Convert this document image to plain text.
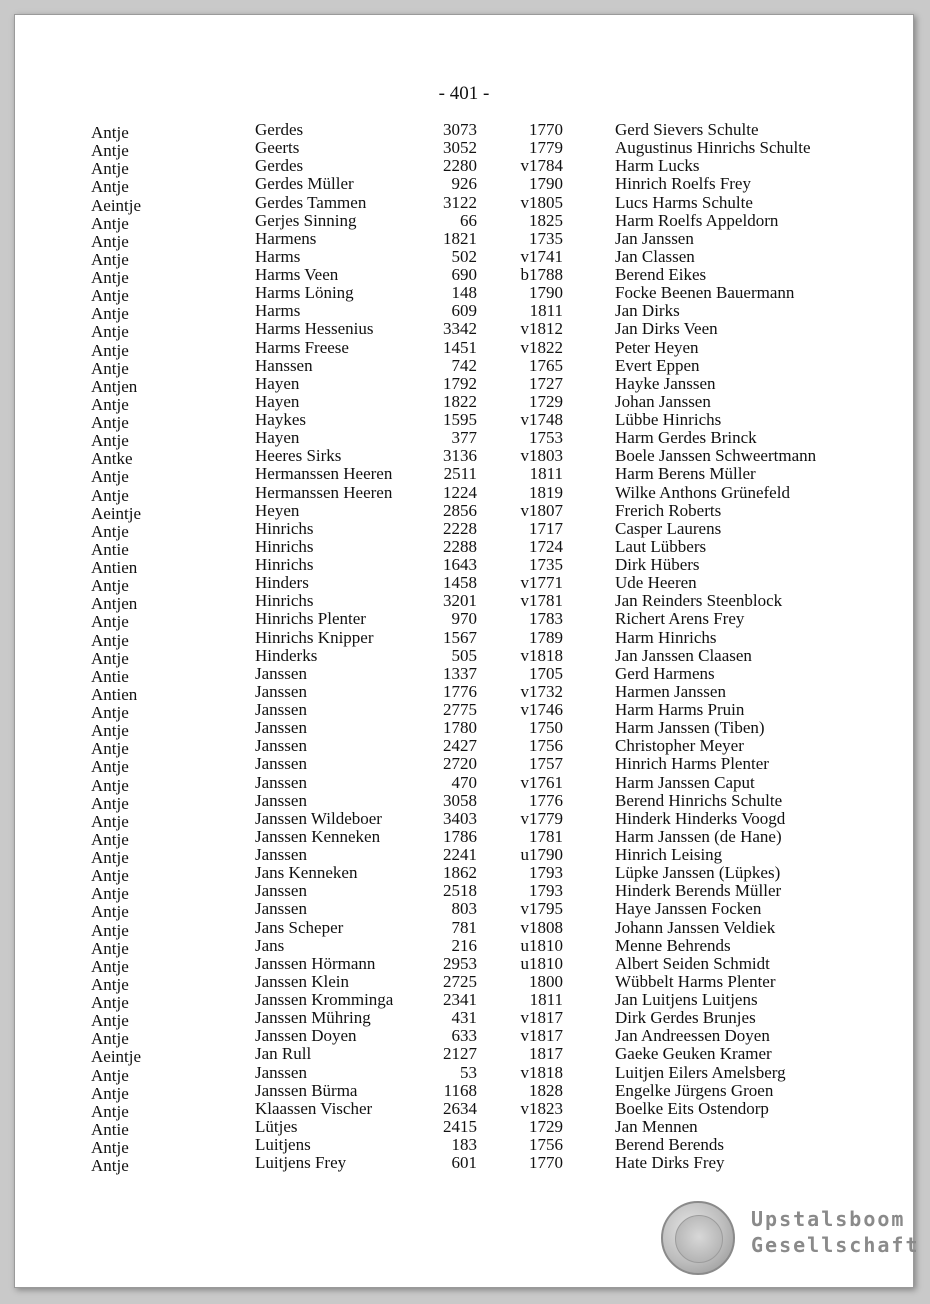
- 401 -
Antje	Gerdes	3073	1770	Gerd Sievers Schulte
Antje	Geerts	3052	1779	Augustinus Hinrichs Schulte
Antje	Gerdes	2280	v1784	Harm Lucks
Antje	Gerdes Müller	926	1790	Hinrich Roelfs Frey
Aeintje	Gerdes Tammen	3122	v1805	Lucs Harms Schulte
Antje	Gerjes Sinning	66	1825	Harm Roelfs Appeldorn
Antje	Harmens	1821	1735	Jan Janssen
Antje	Harms	502	v1741	Jan Classen
Antje	Harms Veen	690	b1788	Berend Eikes
Antje	Harms Löning	148	1790	Focke Beenen Bauermann
Antje	Harms	609	1811	Jan Dirks
Antje	Harms Hessenius	3342	v1812	Jan Dirks Veen
Antje	Harms Freese	1451	v1822	Peter Heyen
Antje	Hanssen	742	1765	Evert Eppen
Antjen	Hayen	1792	1727	Hayke Janssen
Antje	Hayen	1822	1729	Johan Janssen
Antje	Haykes	1595	v1748	Lübbe Hinrichs
Antje	Hayen	377	1753	Harm Gerdes Brinck
Antke	Heeres Sirks	3136	v1803	Boele Janssen Schweertmann
Antje	Hermanssen Heeren	2511	1811	Harm Berens Müller
Antje	Hermanssen Heeren	1224	1819	Wilke Anthons Grünefeld
Aeintje	Heyen	2856	v1807	Frerich Roberts
Antje	Hinrichs	2228	1717	Casper Laurens
Antie	Hinrichs	2288	1724	Laut Lübbers
Antien	Hinrichs	1643	1735	Dirk Hübers
Antje	Hinders	1458	v1771	Ude Heeren
Antjen	Hinrichs	3201	v1781	Jan Reinders Steenblock
Antje	Hinrichs Plenter	970	1783	Richert Arens Frey
Antje	Hinrichs Knipper	1567	1789	Harm Hinrichs
Antje	Hinderks	505	v1818	Jan Janssen Claasen
Antie	Janssen	1337	1705	Gerd Harmens
Antien	Janssen	1776	v1732	Harmen Janssen
Antje	Janssen	2775	v1746	Harm Harms Pruin
Antje	Janssen	1780	1750	Harm Janssen (Tiben)
Antje	Janssen	2427	1756	Christopher Meyer
Antje	Janssen	2720	1757	Hinrich Harms Plenter
Antje	Janssen	470	v1761	Harm Janssen Caput
Antje	Janssen	3058	1776	Berend Hinrichs Schulte
Antje	Janssen Wildeboer	3403	v1779	Hinderk Hinderks Voogd
Antje	Janssen Kenneken	1786	1781	Harm Janssen (de Hane)
Antje	Janssen	2241	u1790	Hinrich Leising
Antje	Jans Kenneken	1862	1793	Lüpke Janssen (Lüpkes)
Antje	Janssen	2518	1793	Hinderk Berends Müller
Antje	Janssen	803	v1795	Haye Janssen Focken
Antje	Jans Scheper	781	v1808	Johann Janssen Veldiek
Antje	Jans	216	u1810	Menne Behrends
Antje	Janssen Hörmann	2953	u1810	Albert Seiden Schmidt
Antje	Janssen Klein	2725	1800	Wübbelt Harms Plenter
Antje	Janssen Kromminga	2341	1811	Jan Luitjens Luitjens
Antje	Janssen Mühring	431	v1817	Dirk Gerdes Brunjes
Antje	Janssen Doyen	633	v1817	Jan Andreessen Doyen
Aeintje	Jan Rull	2127	1817	Gaeke Geuken Kramer
Antje	Janssen	53	v1818	Luitjen Eilers Amelsberg
Antje	Janssen Bürma	1168	1828	Engelke Jürgens Groen
Antje	Klaassen Vischer	2634	v1823	Boelke Eits Ostendorp
Antie	Lütjes	2415	1729	Jan Mennen
Antje	Luitjens	183	1756	Berend Berends
Antje	Luitjens Frey	601	1770	Hate Dirks Frey
Upstalsboom
Gesellschaft
